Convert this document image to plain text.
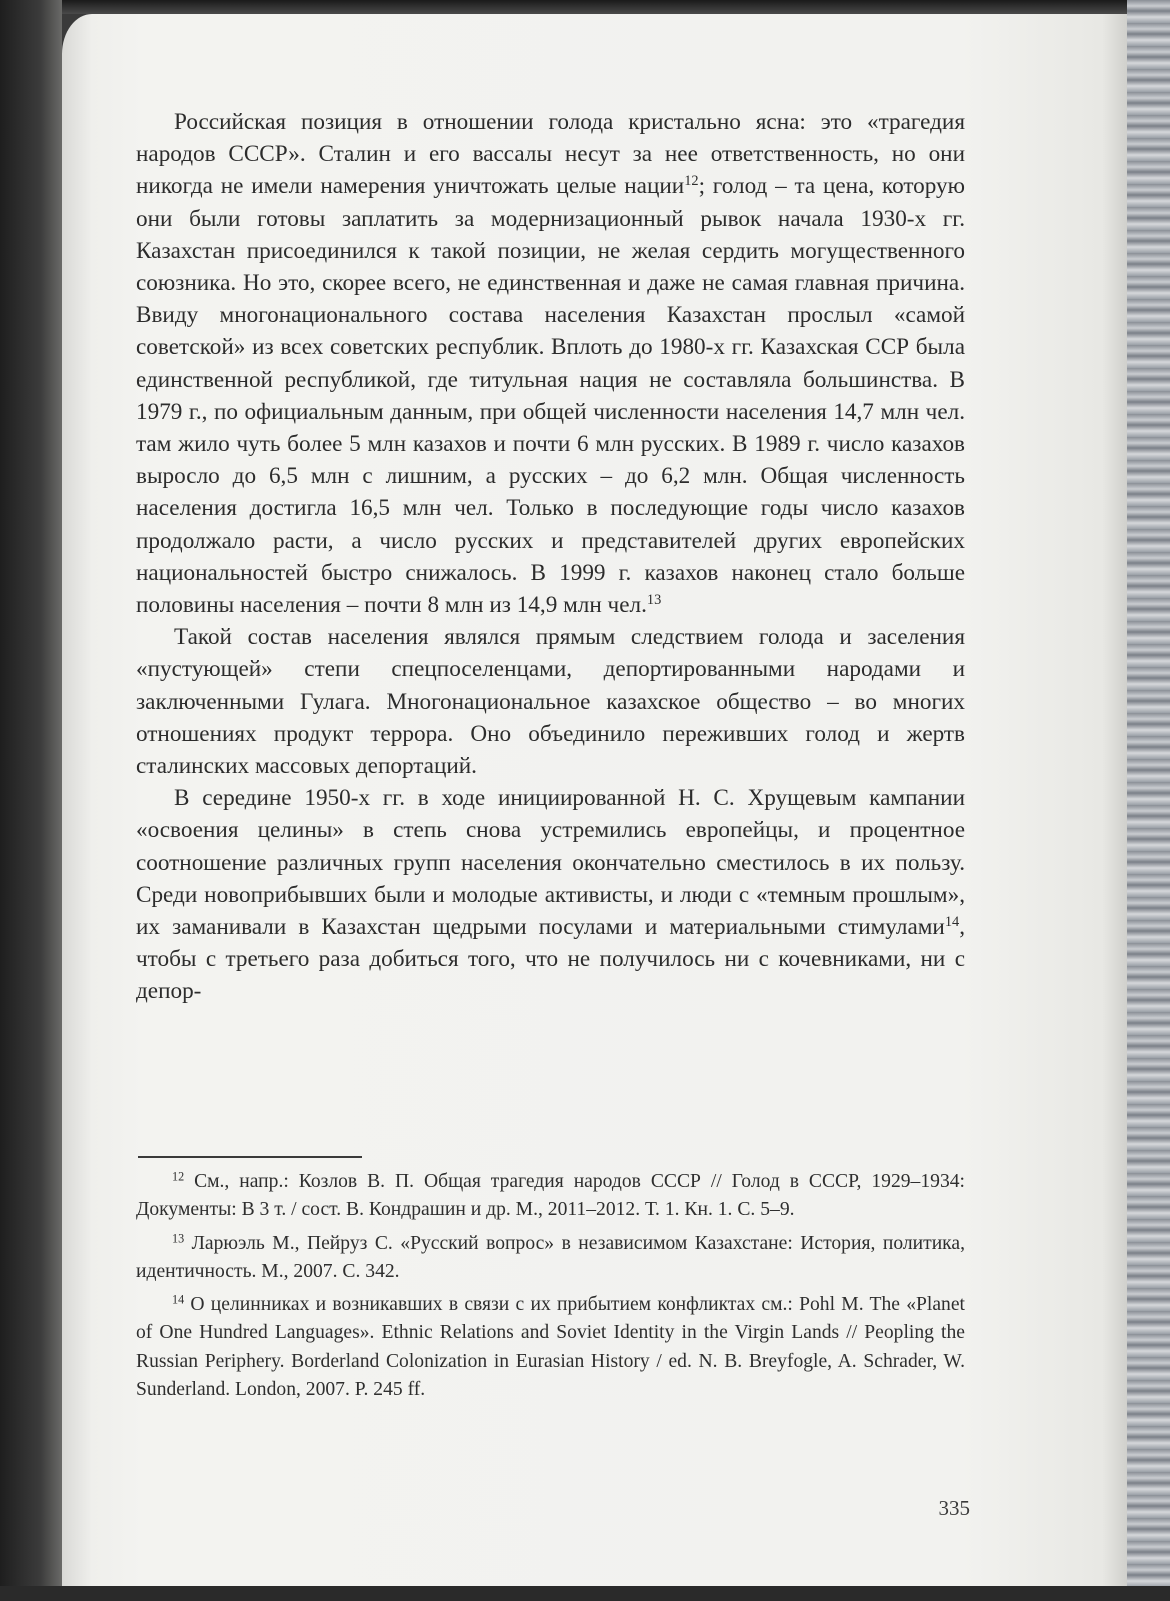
Российская позиция в отношении голода кристально ясна: это «трагедия народов СССР». Сталин и его вассалы несут за нее ответственность, но они никогда не имели намерения уничтожать целые нации$^{12}$; голод – та цена, которую они были готовы заплатить за модернизационный рывок начала 1930-х гг. Казахстан присоединился к такой позиции, не желая сердить могущественного союзника. Но это, скорее всего, не единственная и даже не самая главная причина. Ввиду многонационального состава населения Казахстан прослыл «самой советской» из всех советских республик. Вплоть до 1980-х гг. Казахская ССР была единственной республикой, где титульная нация не составляла большинства. В 1979 г., по официальным данным, при общей численности населения 14,7 млн чел. там жило чуть более 5 млн казахов и почти 6 млн русских. В 1989 г. число казахов выросло до 6,5 млн с лишним, а русских – до 6,2 млн. Общая численность населения достигла 16,5 млн чел. Только в последующие годы число казахов продолжало расти, а число русских и представителей других европейских национальностей быстро снижалось. В 1999 г. казахов наконец стало больше половины населения – почти 8 млн из 14,9 млн чел.$^{13}$

Такой состав населения являлся прямым следствием голода и заселения «пустующей» степи спецпоселенцами, депортированными народами и заключенными Гулага. Многонациональное казахское общество – во многих отношениях продукт террора. Оно объединило переживших голод и жертв сталинских массовых депортаций.

В середине 1950-х гг. в ходе инициированной Н. С. Хрущевым кампании «освоения целины» в степь снова устремились европейцы, и процентное соотношение различных групп населения окончательно сместилось в их пользу. Среди новоприбывших были и молодые активисты, и люди с «темным прошлым», их заманивали в Казахстан щедрыми посулами и материальными стимулами$^{14}$, чтобы с третьего раза добиться того, что не получилось ни с кочевниками, ни с депор-

$^{12}$ См., напр.: Козлов В. П. Общая трагедия народов СССР // Голод в СССР, 1929–1934: Документы: В 3 т. / сост. В. Кондрашин и др. М., 2011–2012. Т. 1. Кн. 1. С. 5–9.

$^{13}$ Ларюэль М., Пейруз С. «Русский вопрос» в независимом Казахстане: История, политика, идентичность. М., 2007. С. 342.

$^{14}$ О целинниках и возникавших в связи с их прибытием конфликтах см.: Pohl M. The «Planet of One Hundred Languages». Ethnic Relations and Soviet Identity in the Virgin Lands // Peopling the Russian Periphery. Borderland Colonization in Eurasian History / ed. N. B. Breyfogle, A. Schrader, W. Sunderland. London, 2007. P. 245 ff.

335
